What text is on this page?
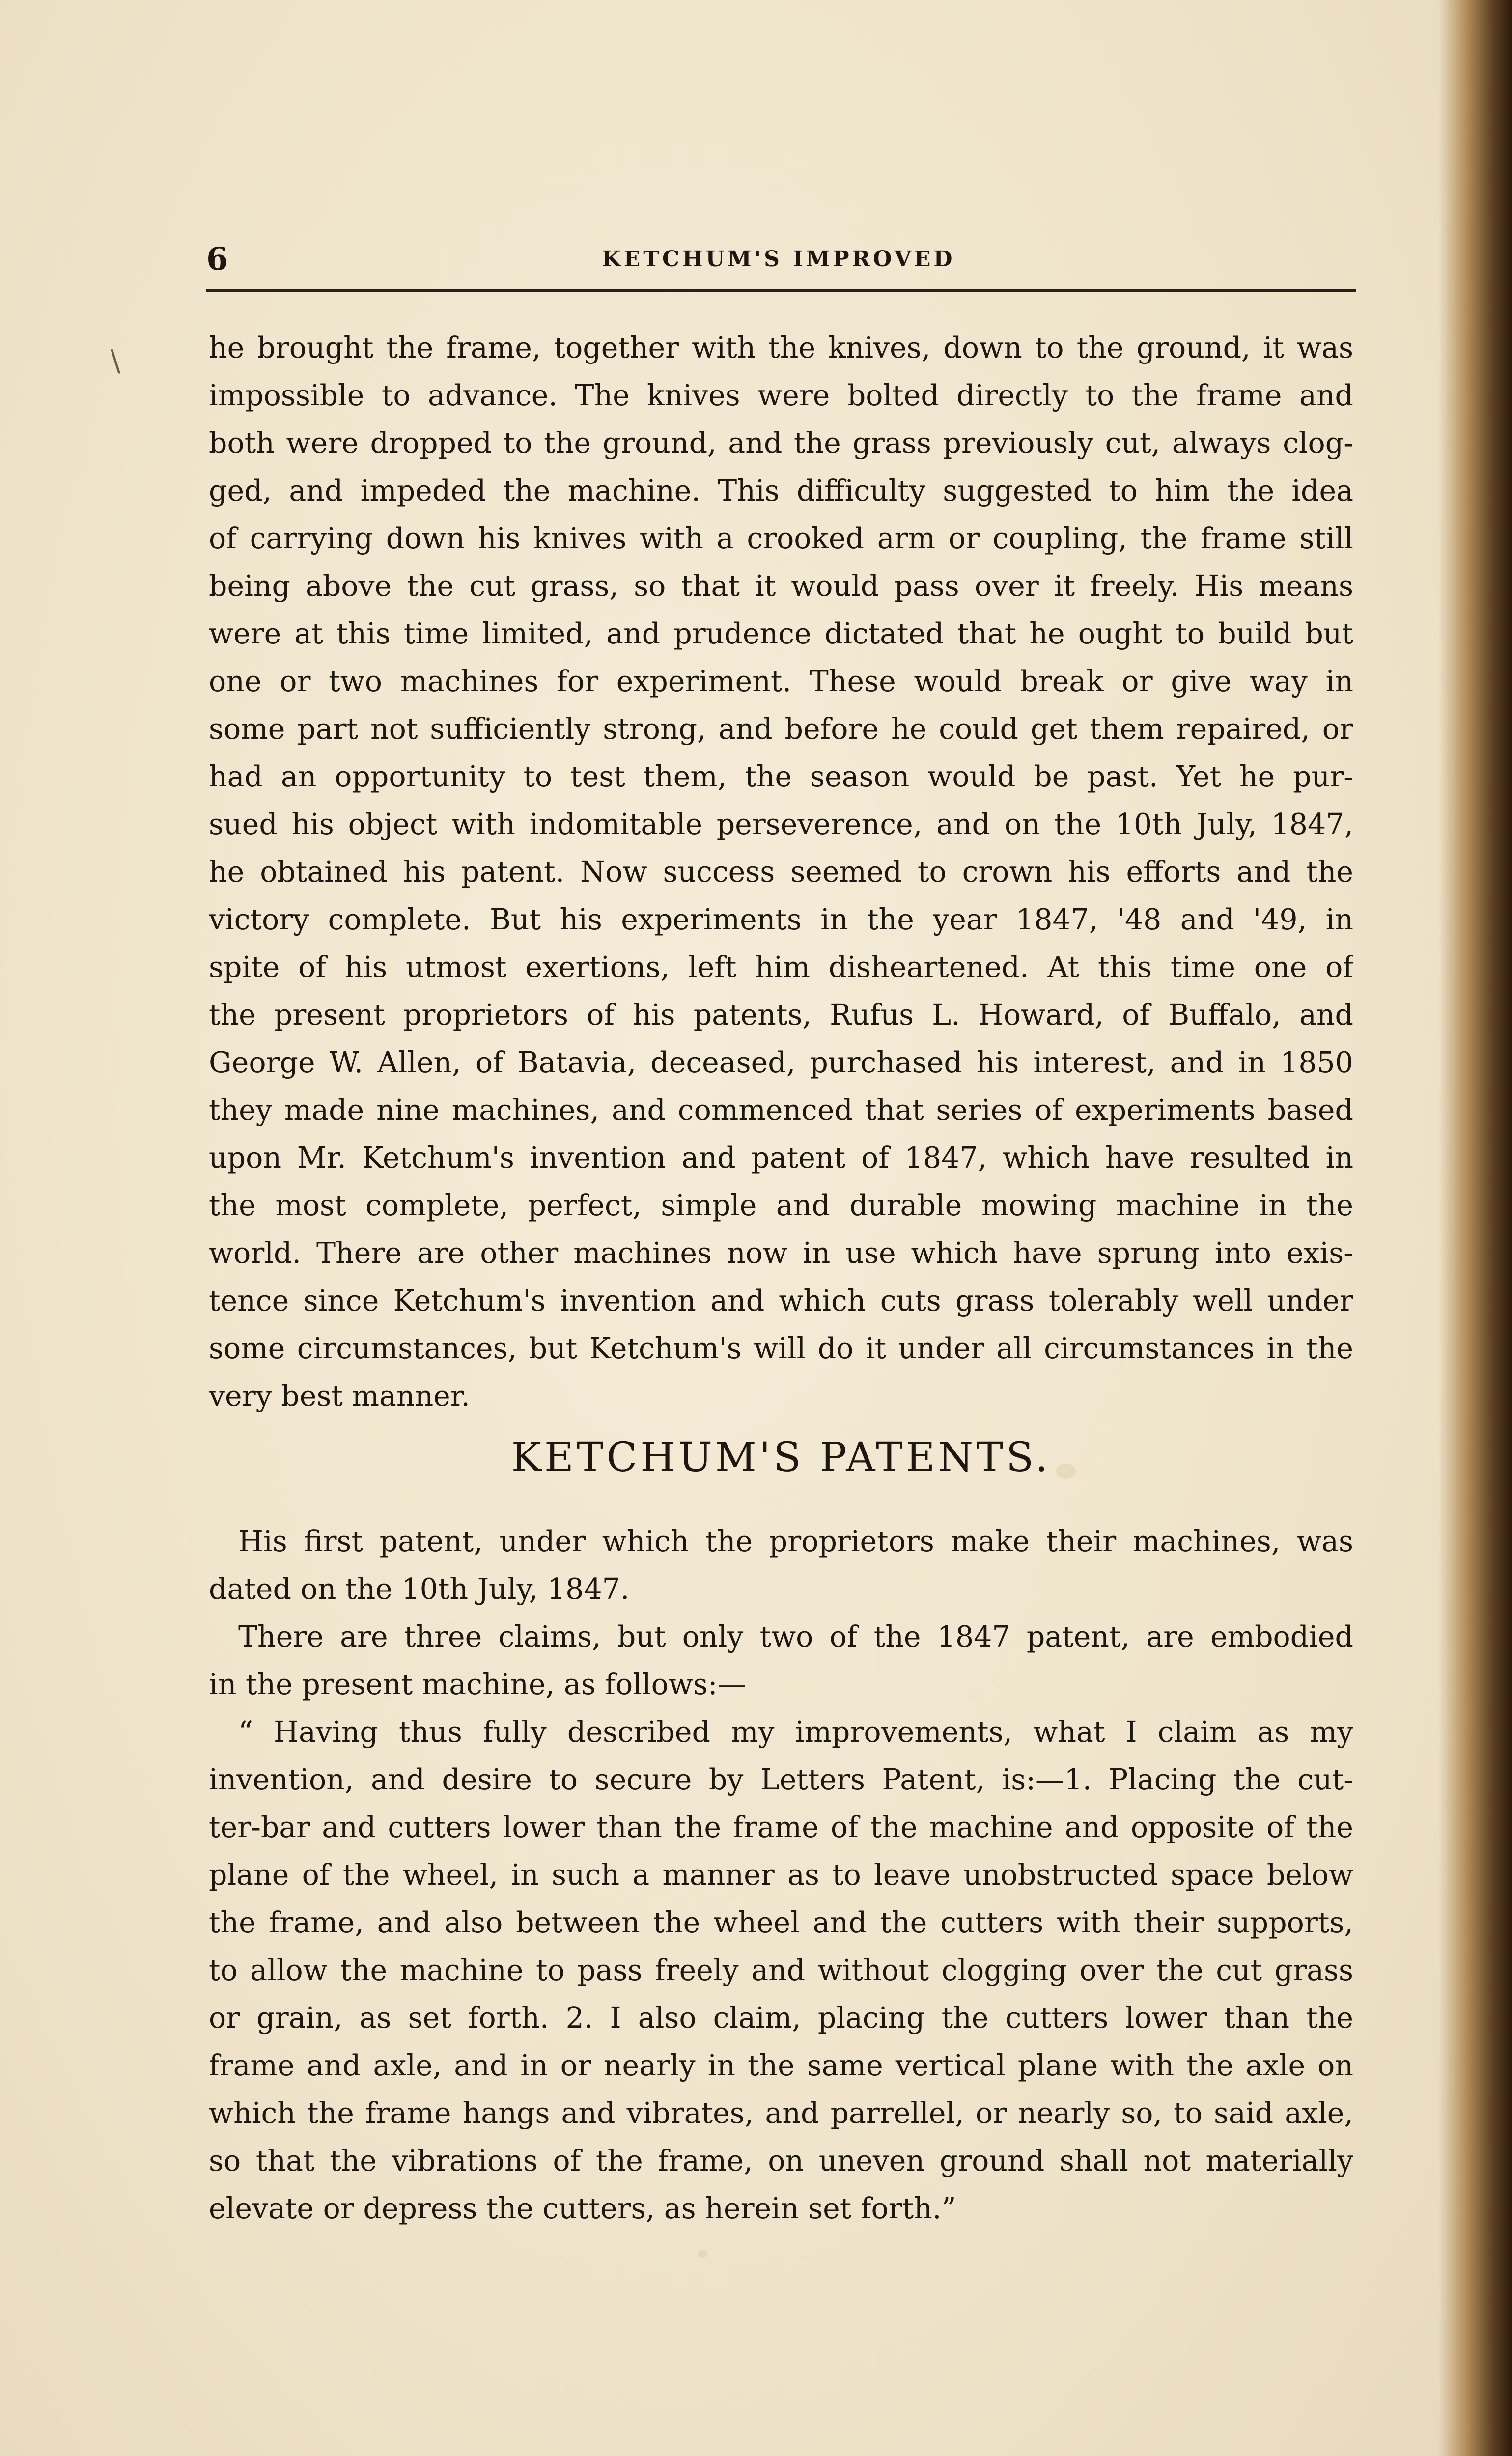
\
6	KETCHUM'S IMPROVED
he brought the frame, together with the knives, down to the ground, it was
impossible to advance. The knives were bolted directly to the frame and
both were dropped to the ground, and the grass previously cut, always clog-
ged, and impeded the machine. This difficulty suggested to him the idea
of carrying down his knives with a crooked arm or coupling, the frame still
being above the cut grass, so that it would pass over it freely. His means
were at this time limited, and prudence dictated that he ought to build but
one or two machines for experiment. These would break or give way in
some part not sufficiently strong, and before he could get them repaired, or
had an opportunity to test them, the season would be past. Yet he pur-
sued his object with indomitable perseverence, and on the 10th July, 1847,
he obtained his patent. Now success seemed to crown his efforts and the
victory complete. But his experiments in the year 1847, '48 and '49, in
spite of his utmost exertions, left him disheartened. At this time one of
the present proprietors of his patents, Rufus L. Howard, of Buffalo, and
George W. Allen, of Batavia, deceased, purchased his interest, and in 1850
they made nine machines, and commenced that series of experiments based
upon Mr. Ketchum's invention and patent of 1847, which have resulted in
the most complete, perfect, simple and durable mowing machine in the
world. There are other machines now in use which have sprung into exis-
tence since Ketchum's invention and which cuts grass tolerably well under
some circumstances, but Ketchum's will do it under all circumstances in the
very best manner.
KETCHUM'S PATENTS.
His first patent, under which the proprietors make their machines, was
dated on the 10th July, 1847.
There are three claims, but only two of the 1847 patent, are embodied
in the present machine, as follows:—
“ Having thus fully described my improvements, what I claim as my
invention, and desire to secure by Letters Patent, is:—1. Placing the cut-
ter-bar and cutters lower than the frame of the machine and opposite of the
plane of the wheel, in such a manner as to leave unobstructed space below
the frame, and also between the wheel and the cutters with their supports,
to allow the machine to pass freely and without clogging over the cut grass
or grain, as set forth. 2. I also claim, placing the cutters lower than the
frame and axle, and in or nearly in the same vertical plane with the axle on
which the frame hangs and vibrates, and parrellel, or nearly so, to said axle,
so that the vibrations of the frame, on uneven ground shall not materially
elevate or depress the cutters, as herein set forth.”
